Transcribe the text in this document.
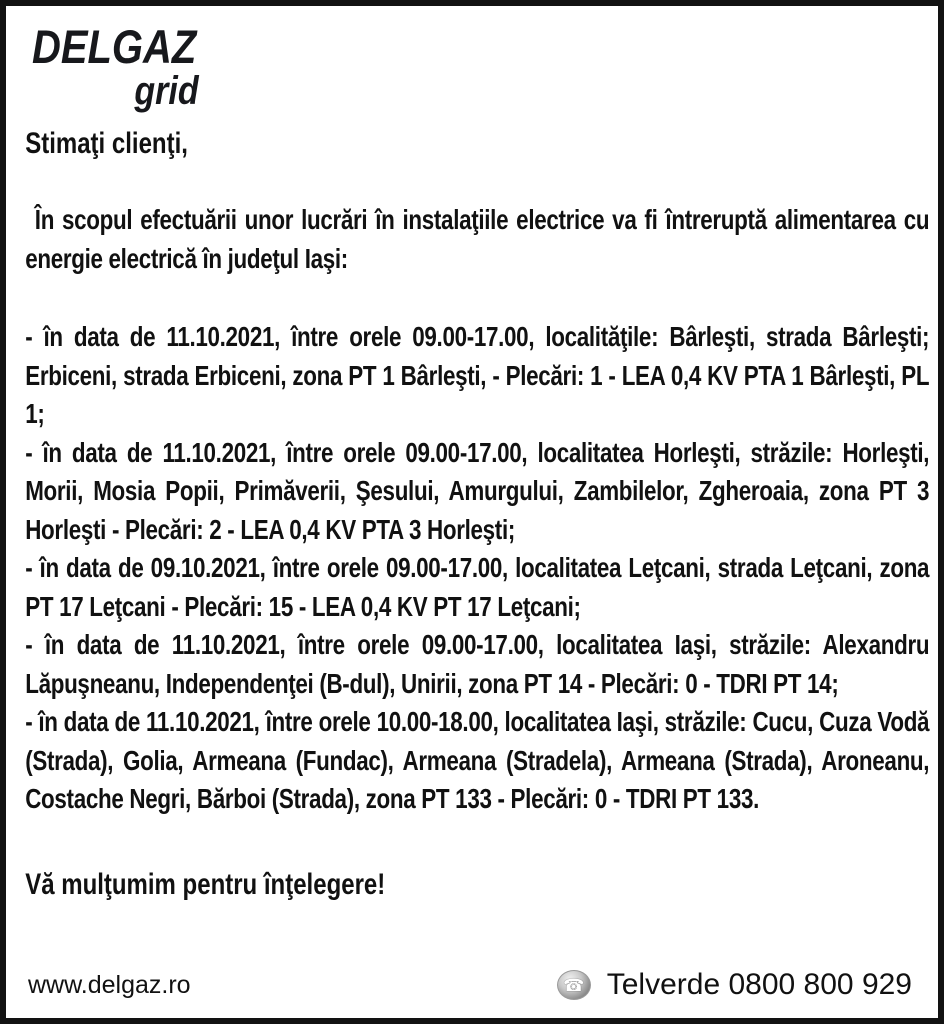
DELGAZ
grid

Stimaţi clienţi,

În scopul efectuării unor lucrări în instalaţiile electrice va fi întreruptă alimentarea cu energie electrică în judeţul Iaşi:

- în data de 11.10.2021, între orele 09.00-17.00, localităţile: Bârleşti, strada Bârleşti; Erbiceni, strada Erbiceni, zona PT 1 Bârleşti, - Plecări: 1 - LEA 0,4 KV PTA 1 Bârleşti, PL 1;

- în data de 11.10.2021, între orele 09.00-17.00, localitatea Horleşti, străzile: Horleşti, Morii, Mosia Popii, Primăverii, Şesului, Amurgului, Zambilelor, Zgheroaia, zona PT 3 Horleşti - Plecări: 2 - LEA 0,4 KV PTA 3 Horleşti;

- în data de 09.10.2021, între orele 09.00-17.00, localitatea Leţcani, strada Leţcani, zona PT 17 Leţcani - Plecări: 15 - LEA 0,4 KV PT 17 Leţcani;

- în data de 11.10.2021, între orele 09.00-17.00, localitatea Iaşi, străzile: Alexandru Lăpuşneanu, Independenţei (B-dul), Unirii, zona PT 14 - Plecări: 0 - TDRI PT 14;

- în data de 11.10.2021, între orele 10.00-18.00, localitatea Iaşi, străzile: Cucu, Cuza Vodă (Strada), Golia, Armeana (Fundac), Armeana (Stradela), Armeana (Strada), Aroneanu, Costache Negri, Bărboi (Strada), zona PT 133 - Plecări: 0 - TDRI PT 133.

Vă mulţumim pentru înţelegere!

www.delgaz.ro	☎ Telverde 0800 800 929
